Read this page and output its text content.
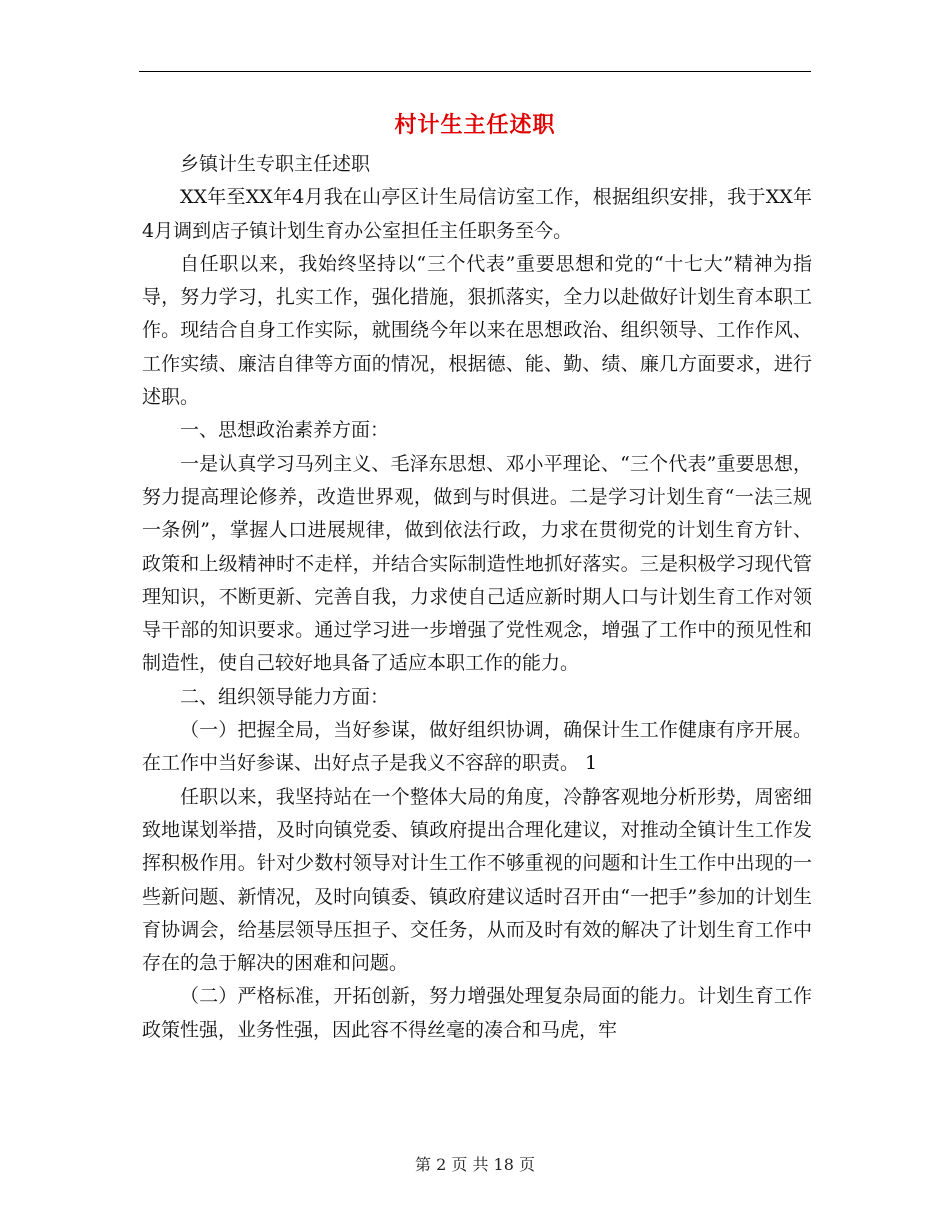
村计生主任述职

乡镇计生专职主任述职

XX年至XX年4月我在山亭区计生局信访室工作，根据组织安排，我于XX年4月调到店子镇计划生育办公室担任主任职务至今。

自任职以来，我始终坚持以“三个代表”重要思想和党的“十七大”精神为指导，努力学习，扎实工作，强化措施，狠抓落实，全力以赴做好计划生育本职工作。现结合自身工作实际，就围绕今年以来在思想政治、组织领导、工作作风、工作实绩、廉洁自律等方面的情况，根据德、能、勤、绩、廉几方面要求，进行述职。

一、思想政治素养方面：

一是认真学习马列主义、毛泽东思想、邓小平理论、“三个代表”重要思想，努力提高理论修养，改造世界观，做到与时俱进。二是学习计划生育“一法三规一条例”，掌握人口进展规律，做到依法行政，力求在贯彻党的计划生育方针、政策和上级精神时不走样，并结合实际制造性地抓好落实。三是积极学习现代管理知识，不断更新、完善自我，力求使自己适应新时期人口与计划生育工作对领导干部的知识要求。通过学习进一步增强了党性观念，增强了工作中的预见性和制造性，使自己较好地具备了适应本职工作的能力。

二、组织领导能力方面：

（一）把握全局，当好参谋，做好组织协调，确保计生工作健康有序开展。在工作中当好参谋、出好点子是我义不容辞的职责。 1

任职以来，我坚持站在一个整体大局的角度，冷静客观地分析形势，周密细致地谋划举措，及时向镇党委、镇政府提出合理化建议，对推动全镇计生工作发挥积极作用。针对少数村领导对计生工作不够重视的问题和计生工作中出现的一些新问题、新情况，及时向镇委、镇政府建议适时召开由“一把手”参加的计划生育协调会，给基层领导压担子、交任务，从而及时有效的解决了计划生育工作中存在的急于解决的困难和问题。

（二）严格标准，开拓创新，努力增强处理复杂局面的能力。计划生育工作政策性强，业务性强，因此容不得丝毫的凑合和马虎，牢

第 2 页 共 18 页
